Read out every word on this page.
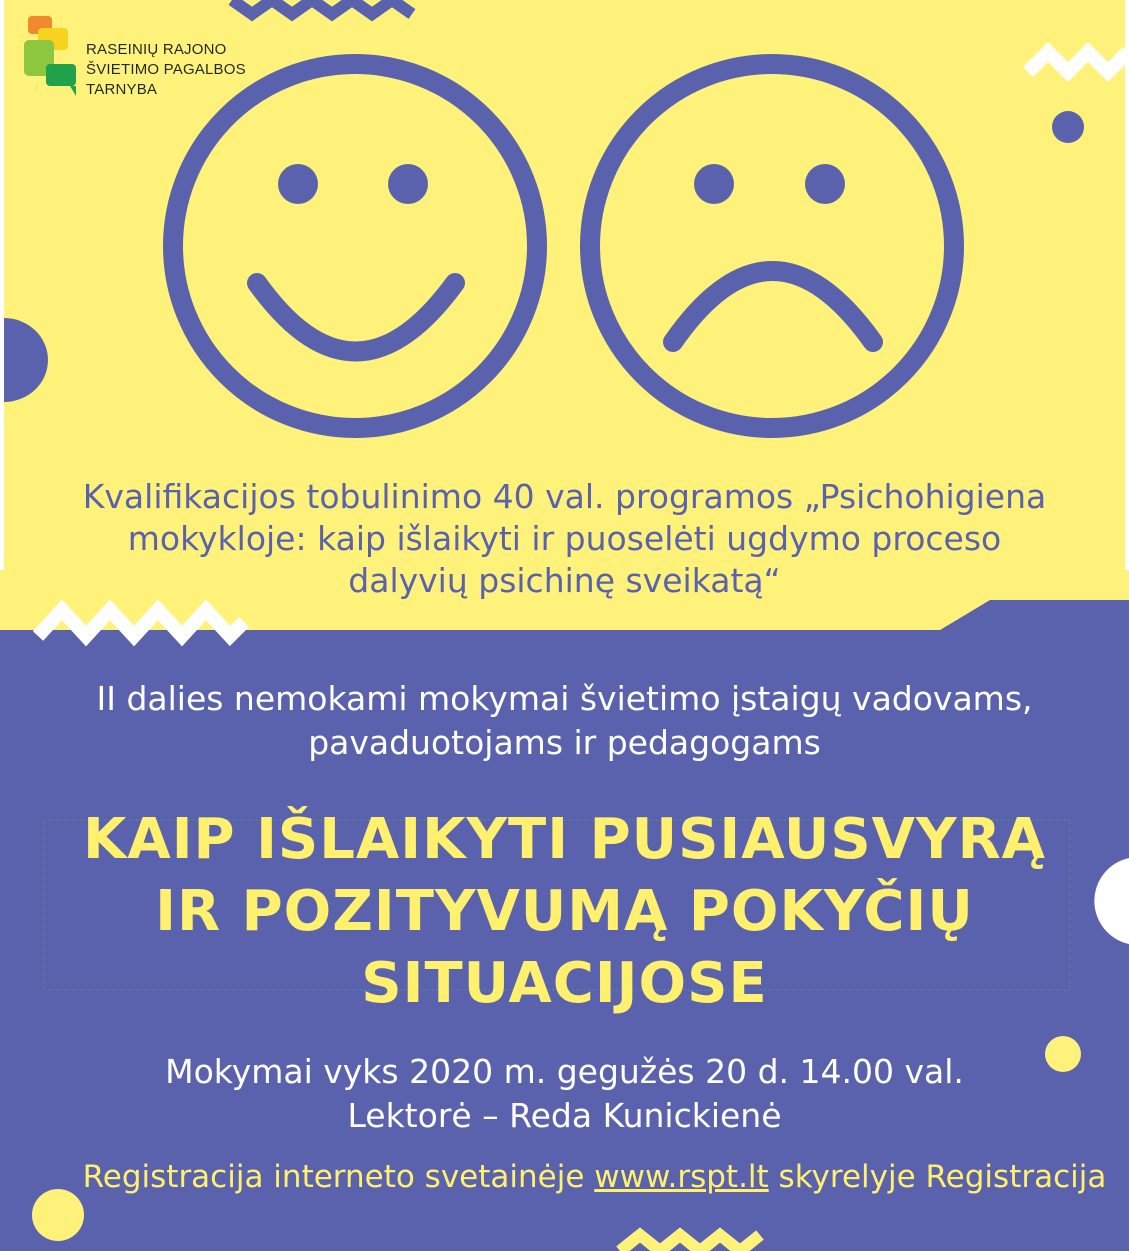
RASEINIŲ RAJONO
ŠVIETIMO PAGALBOS
TARNYBA

Kvalifikacijos tobulinimo 40 val. programos „Psichohigiena
mokykloje: kaip išlaikyti ir puoselėti ugdymo proceso
dalyvių psichinę sveikatą“

II dalies nemokami mokymai švietimo įstaigų vadovams,
pavaduotojams ir pedagogams

KAIP IŠLAIKYTI PUSIAUSVYRĄ
IR POZITYVUMĄ POKYČIŲ
SITUACIJOSE

Mokymai vyks 2020 m. gegužės 20 d. 14.00 val.
Lektorė – Reda Kunickienė

Registracija interneto svetainėje www.rspt.lt skyrelyje Registracija
